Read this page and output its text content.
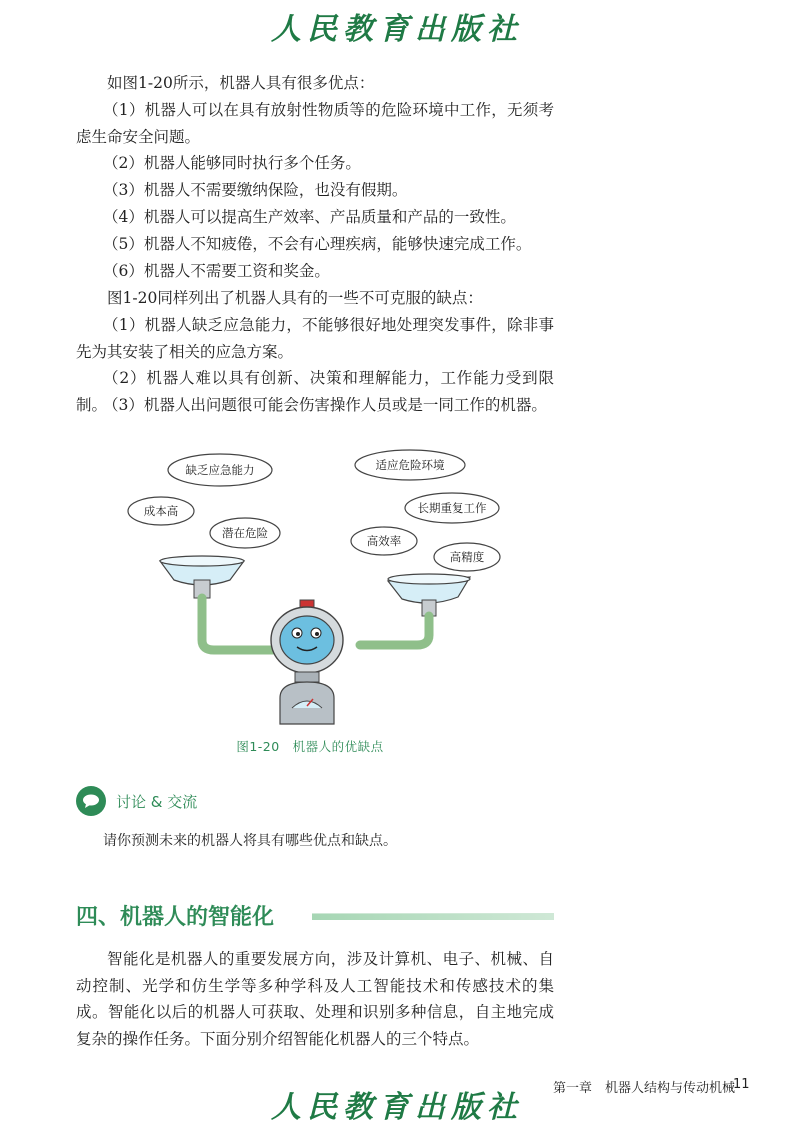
人民教育出版社

如图1-20所示，机器人具有很多优点：

（1）机器人可以在具有放射性物质等的危险环境中工作，无须考虑生命安全问题。

（2）机器人能够同时执行多个任务。

（3）机器人不需要缴纳保险，也没有假期。

（4）机器人可以提高生产效率、产品质量和产品的一致性。

（5）机器人不知疲倦，不会有心理疾病，能够快速完成工作。

（6）机器人不需要工资和奖金。

图1-20同样列出了机器人具有的一些不可克服的缺点：

（1）机器人缺乏应急能力，不能够很好地处理突发事件，除非事先为其安装了相关的应急方案。

（2）机器人难以具有创新、决策和理解能力，工作能力受到限制。

（3）机器人出问题很可能会伤害操作人员或是一同工作的机器。

缺乏应急能力
成本高
潜在危险
适应危险环境
长期重复工作
高效率
高精度
图1-20　机器人的优缺点
讨论 & 交流
请你预测未来的机器人将具有哪些优点和缺点。
四、机器人的智能化

智能化是机器人的重要发展方向，涉及计算机、电子、机械、自动控制、光学和仿生学等多种学科及人工智能技术和传感技术的集成。智能化以后的机器人可获取、处理和识别多种信息，自主地完成复杂的操作任务。下面分别介绍智能化机器人的三个特点。

第一章　机器人结构与传动机械
11
人民教育出版社
